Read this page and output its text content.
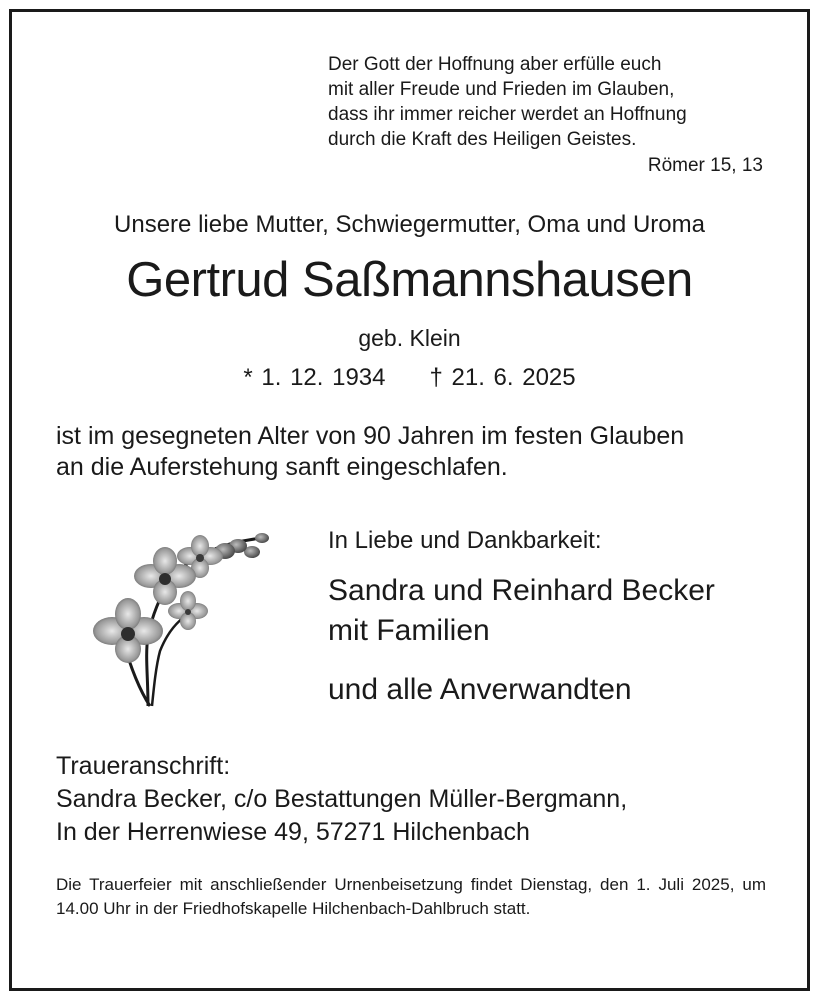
Der Gott der Hoffnung aber erfülle euch
mit aller Freude und Frieden im Glauben,
dass ihr immer reicher werdet an Hoffnung
durch die Kraft des Heiligen Geistes.
Römer 15, 13
Unsere liebe Mutter, Schwiegermutter, Oma und Uroma
Gertrud Saßmannshausen
geb. Klein
* 1. 12. 1934 † 21. 6. 2025
ist im gesegneten Alter von 90 Jahren im festen Glauben
an die Auferstehung sanft eingeschlafen.
In Liebe und Dankbarkeit:
Sandra und Reinhard Becker
mit Familien
und alle Anverwandten
Traueranschrift:
Sandra Becker, c/o Bestattungen Müller-Bergmann,
In der Herrenwiese 49, 57271 Hilchenbach
Die Trauerfeier mit anschließender Urnenbeisetzung findet Dienstag, den 1. Juli 2025, um 14.00 Uhr in der Friedhofskapelle Hilchenbach-Dahlbruch statt.
